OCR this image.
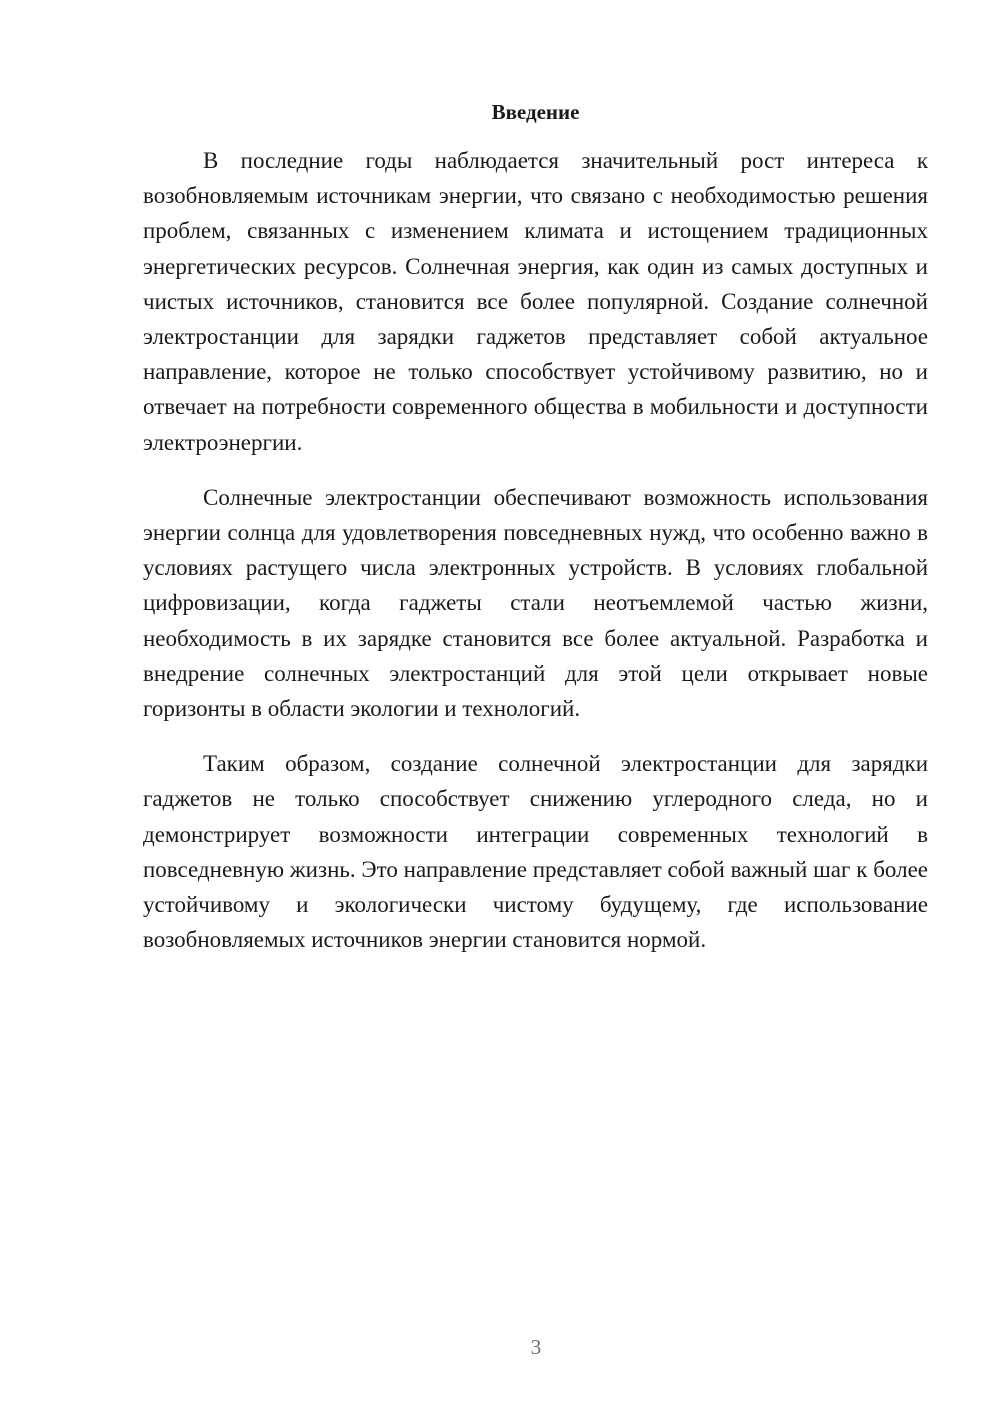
Введение

В последние годы наблюдается значительный рост интереса к возобновляемым источникам энергии, что связано с необходимостью решения проблем, связанных с изменением климата и истощением традиционных энергетических ресурсов. Солнечная энергия, как один из самых доступных и чистых источников, становится все более популярной. Создание солнечной электростанции для зарядки гаджетов представляет собой актуальное направление, которое не только способствует устойчивому развитию, но и отвечает на потребности современного общества в мобильности и доступности электроэнергии.

Солнечные электростанции обеспечивают возможность использования энергии солнца для удовлетворения повседневных нужд, что особенно важно в условиях растущего числа электронных устройств. В условиях глобальной цифровизации, когда гаджеты стали неотъемлемой частью жизни, необходимость в их зарядке становится все более актуальной. Разработка и внедрение солнечных электростанций для этой цели открывает новые горизонты в области экологии и технологий.

Таким образом, создание солнечной электростанции для зарядки гаджетов не только способствует снижению углеродного следа, но и демонстрирует возможности интеграции современных технологий в повседневную жизнь. Это направление представляет собой важный шаг к более устойчивому и экологически чистому будущему, где использование возобновляемых источников энергии становится нормой.

3
